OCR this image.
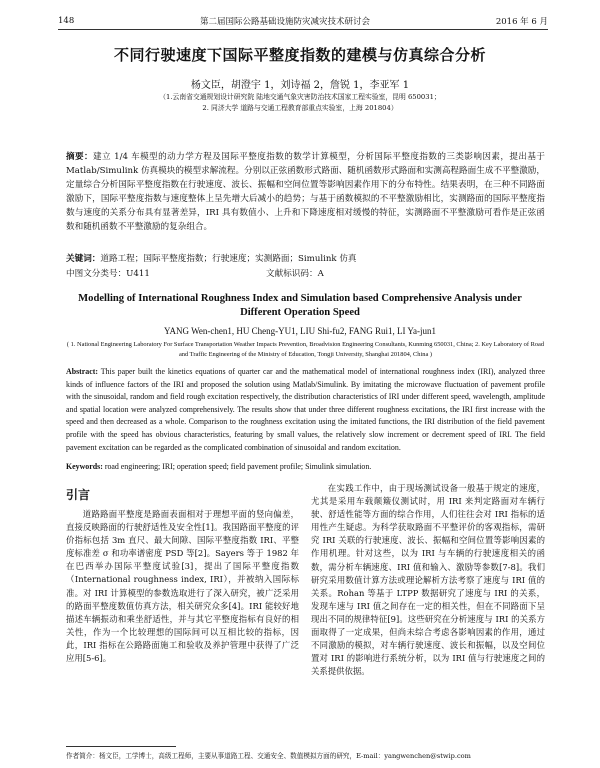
148	第二届国际公路基础设施防灾减灾技术研讨会	2016 年 6 月
不同行驶速度下国际平整度指数的建模与仿真综合分析
杨文臣，胡澄宇 1，刘诗福 2，詹锐 1，李亚军 1
（1.云南省交通规划设计研究院 陆地交通气象灾害防治技术国家工程实验室，昆明 650031；
2. 同济大学 道路与交通工程教育部重点实验室，上海 201804）
摘要：建立 1/4 车模型的动力学方程及国际平整度指数的数学计算模型，分析国际平整度指数的三类影响因素，提出基于 Matlab/Simulink 仿真模块的模型求解流程。分别以正弦函数形式路面、随机函数形式路面和实测高程路面生成不平整激励，定量综合分析国际平整度指数在行驶速度、波长、振幅和空间位置等影响因素作用下的分布特性。结果表明，在三种不同路面激励下，国际平整度指数与速度整体上呈先增大后减小的趋势；与基于函数模拟的不平整激励相比，实测路面的国际平整度指数与速度的关系分布具有显著差异，IRI 具有数值小、上升和下降速度相对缓慢的特征，实测路面不平整激励可看作是正弦函数和随机函数不平整激励的复杂组合。
关键词：道路工程；国际平整度指数；行驶速度；实测路面；Simulink 仿真
中图文分类号：U411	文献标识码：A
Modelling of International Roughness Index and Simulation based Comprehensive Analysis under Different Operation Speed
YANG Wen-chen1, HU Cheng-YU1, LIU Shi-fu2, FANG Rui1, LI Ya-jun1
( 1. National Engineering Laboratory For Surface Transportation Weather Impacts Prevention, Broadvision Engineering Consultants, Kunming 650031, China; 2. Key Laboratory of Road and Traffic Engineering of the Ministry of Education, Tongji University, Shanghai 201804, China )
Abstract: This paper built the kinetics equations of quarter car and the mathematical model of international roughness index (IRI), analyzed three kinds of influence factors of the IRI and proposed the solution using Matlab/Simulink. By imitating the microwave fluctuation of pavement profile with the sinusoidal, random and field rough excitation respectively, the distribution characteristics of IRI under different speed, wavelength, amplitude and spatial location were analyzed comprehensively. The results show that under three different roughness excitations, the IRI first increase with the speed and then decreased as a whole. Comparison to the roughness excitation using the imitated functions, the IRI distribution of the field pavement profile with the speed has obvious characteristics, featuring by small values, the relatively slow increment or decrement speed of IRI. The field pavement excitation can be regarded as the complicated combination of sinusoidal and random excitation.
Keywords: road engineering; IRI; operation speed; field pavement profile; Simulink simulation.
引言

道路路面平整度是路面表面相对于理想平面的竖向偏差，直接反映路面的行驶舒适性及安全性[1]。我国路面平整度的评价指标包括 3m 直尺、最大间隙、国际平整度指数 IRI、平整度标准差 σ 和功率谱密度 PSD 等[2]。Sayers 等于 1982 年在巴西举办国际平整度试验[3]，提出了国际平整度指数（International roughness index, IRI），并被纳入国际标准。对 IRI 计算模型的参数选取进行了深入研究，被广泛采用的路面平整度数值仿真方法，相关研究众多[4]。IRI 能较好地描述车辆振动和乘坐舒适性，并与其它平整度指标有良好的相关性，作为一个比较理想的国际间可以互相比较的指标，因此，IRI 指标在公路路面施工和验收及养护管理中获得了广泛应用[5-6]。

在实践工作中，由于现场测试设备一般基于规定的速度，尤其是采用车载颠簸仪测试时，用 IRI 来判定路面对车辆行驶、舒适性能等方面的综合作用，人们往往会对 IRI 指标的适用性产生疑虑。为科学获取路面不平整评价的客观指标，需研究 IRI 关联的行驶速度、波长、振幅和空间位置等影响因素的作用机理。针对这些，以为 IRI 与车辆的行驶速度相关的函数，需分析车辆速度、IRI 值和输入、激励等参数[7-8]。我们研究采用数值计算方法或理论解析方法考察了速度与 IRI 值的关系。Rohan 等基于 LTPP 数据研究了速度与 IRI 的关系，发现车速与 IRI 值之间存在一定的相关性，但在不同路面下呈现出不同的规律特征[9]。这些研究在分析速度与 IRI 的关系方面取得了一定成果，但尚未综合考虑各影响因素的作用，通过不同激励的模拟，对车辆行驶速度、波长和振幅，以及空间位置对 IRI 的影响进行系统分析，以为 IRI 值与行驶速度之间的关系提供依据。

作者简介：杨文臣，工学博士，高级工程师，主要从事道路工程、交通安全、数值模拟方面的研究，E-mail：yangwenchen@stwip.com
